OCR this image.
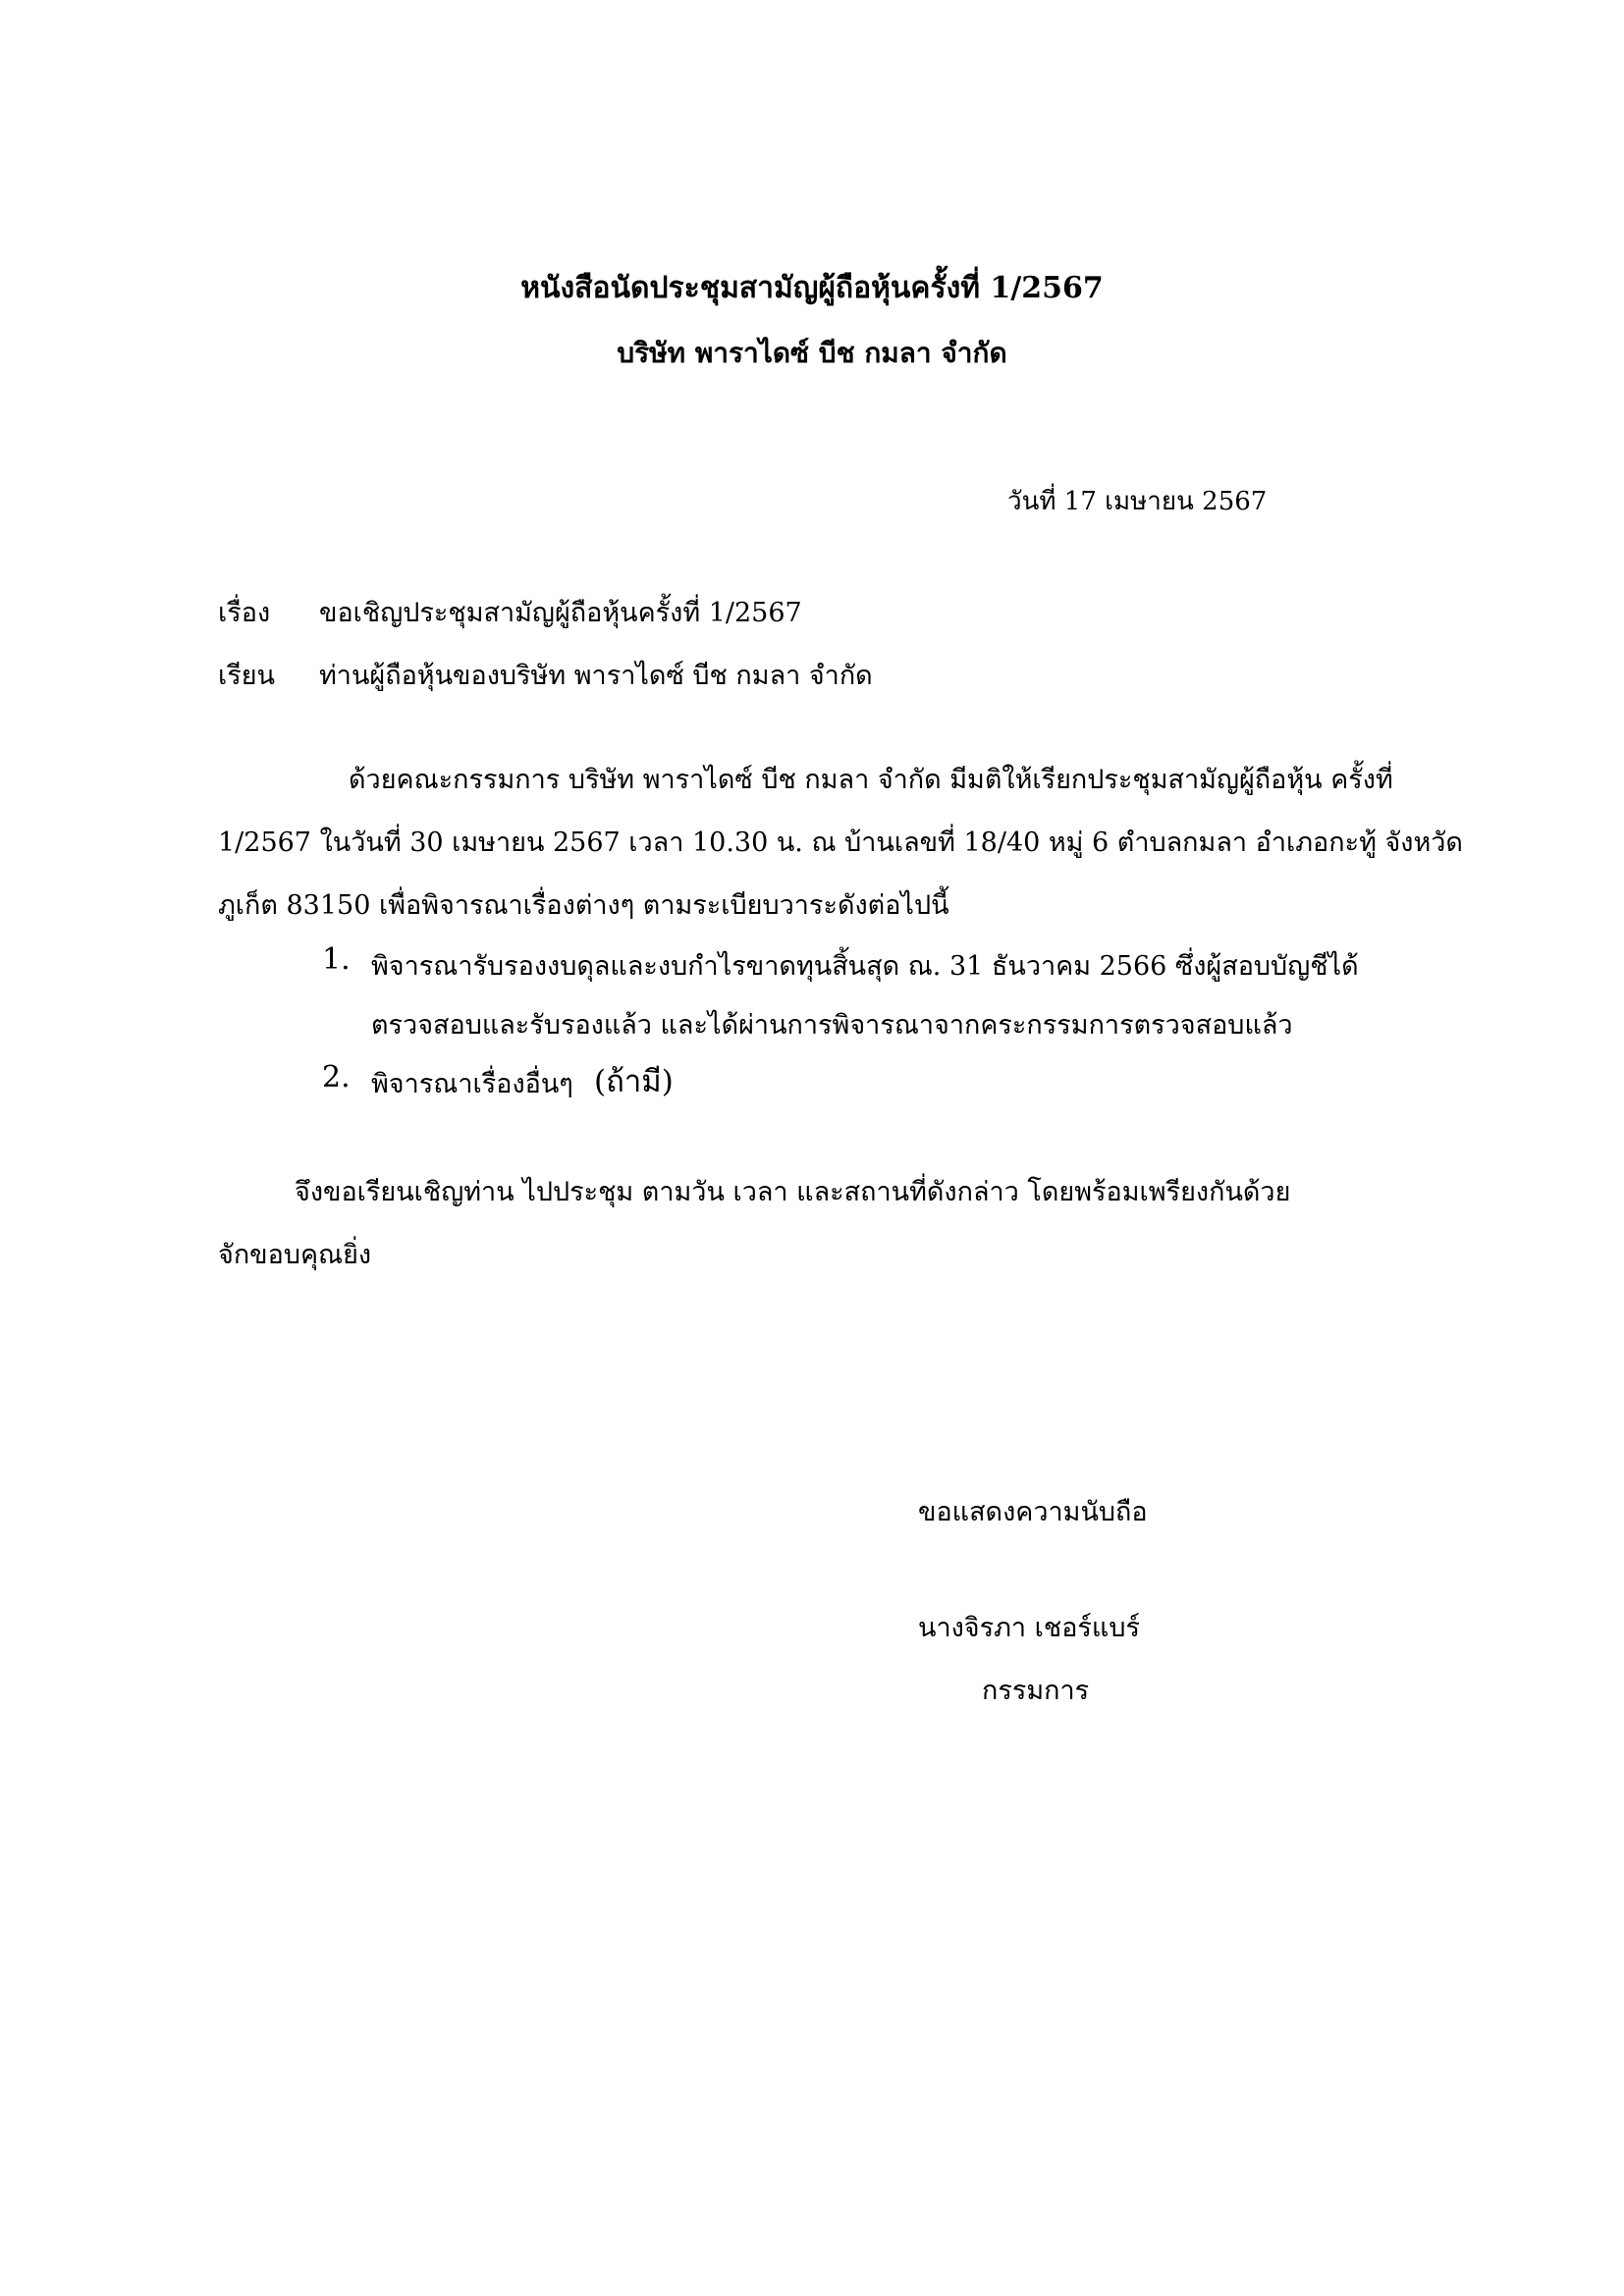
หนังสือนัดประชุมสามัญผู้ถือหุ้นครั้งที่ 1/2567
บริษัท พาราไดซ์ บีช กมลา จำกัด
วันที่ 17 เมษายน 2567
เรื่อง ขอเชิญประชุมสามัญผู้ถือหุ้นครั้งที่ 1/2567
เรียน ท่านผู้ถือหุ้นของบริษัท พาราไดซ์ บีช กมลา จำกัด
ด้วยคณะกรรมการ บริษัท พาราไดซ์ บีช กมลา จำกัด มีมติให้เรียกประชุมสามัญผู้ถือหุ้น ครั้งที่
1/2567 ในวันที่ 30 เมษายน 2567 เวลา 10.30 น. ณ บ้านเลขที่ 18/40 หมู่ 6 ตำบลกมลา อำเภอกะทู้ จังหวัด
ภูเก็ต 83150 เพื่อพิจารณาเรื่องต่างๆ ตามระเบียบวาระดังต่อไปนี้
1. พิจารณารับรองงบดุลและงบกำไรขาดทุนสิ้นสุด ณ. 31 ธันวาคม 2566 ซึ่งผู้สอบบัญชีได้
ตรวจสอบและรับรองแล้ว และได้ผ่านการพิจารณาจากคระกรรมการตรวจสอบแล้ว
2. พิจารณาเรื่องอื่นๆ (ถ้ามี)
จึงขอเรียนเชิญท่าน ไปประชุม ตามวัน เวลา และสถานที่ดังกล่าว โดยพร้อมเพรียงกันด้วย
จักขอบคุณยิ่ง
ขอแสดงความนับถือ
นางจิรภา เชอร์แบร์
กรรมการ
